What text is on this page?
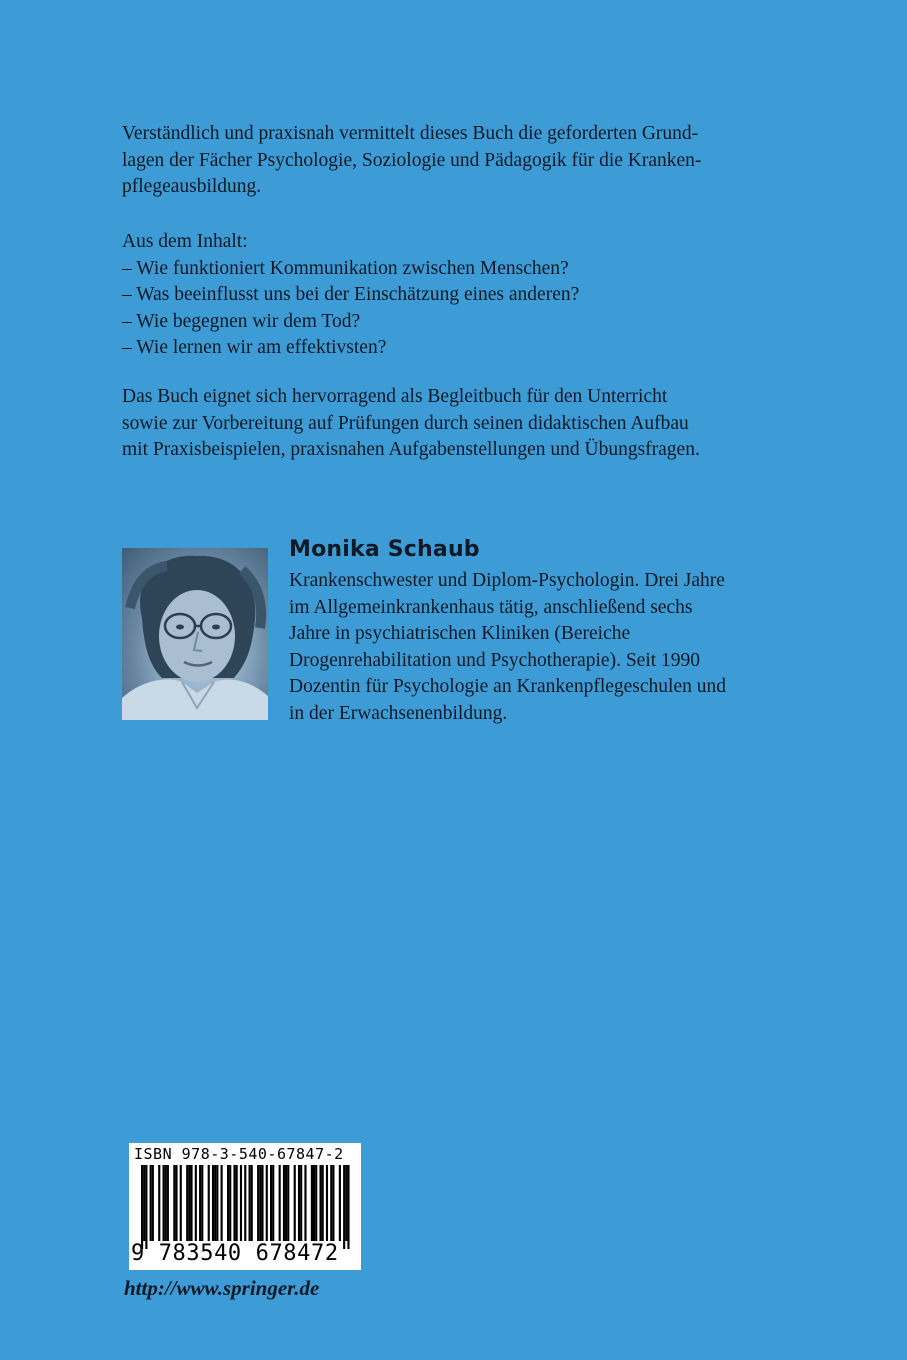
Verständlich und praxisnah vermittelt dieses Buch die geforderten Grund-

lagen der Fächer Psychologie, Soziologie und Pädagogik für die Kranken-

pflegeausbildung.

Aus dem Inhalt:
– Wie funktioniert Kommunikation zwischen Menschen?
– Was beeinflusst uns bei der Einschätzung eines anderen?
– Wie begegnen wir dem Tod?
– Wie lernen wir am effektivsten?

Das Buch eignet sich hervorragend als Begleitbuch für den Unterricht

sowie zur Vorbereitung auf Prüfungen durch seinen didaktischen Aufbau

mit Praxisbeispielen, praxisnahen Aufgabenstellungen und Übungsfragen.

Monika Schaub
Krankenschwester und Diplom-Psychologin. Drei Jahre
im Allgemeinkrankenhaus tätig, anschließend sechs
Jahre in psychiatrischen Kliniken (Bereiche
Drogenrehabilitation und Psychotherapie). Seit 1990
Dozentin für Psychologie an Krankenpflegeschulen und
in der Erwachsenenbildung.
ISBN 978-3-540-67847-2
9 783540 678472
http://www.springer.de
